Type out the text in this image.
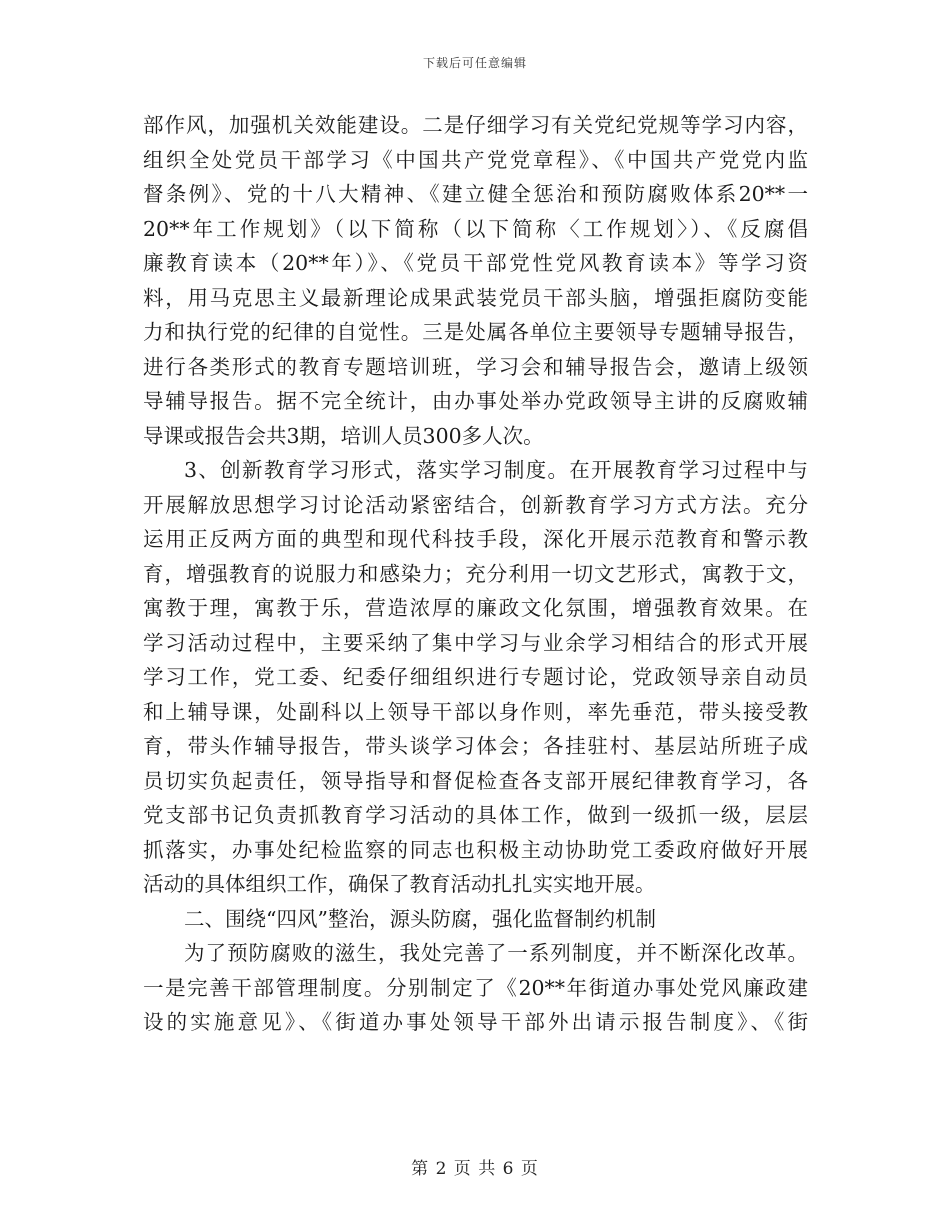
下载后可任意编辑
部作风，加强机关效能建设。二是仔细学习有关党纪党规等学习内容，
组织全处党员干部学习《中国共产党党章程》、《中国共产党党内监
督条例》、党的十八大精神、《建立健全惩治和预防腐败体系20**一
20**年工作规划》（以下简称（以下简称〈工作规划〉）、《反腐倡
廉教育读本（20**年）》、《党员干部党性党风教育读本》等学习资
料，用马克思主义最新理论成果武装党员干部头脑，增强拒腐防变能
力和执行党的纪律的自觉性。三是处属各单位主要领导专题辅导报告，
进行各类形式的教育专题培训班，学习会和辅导报告会，邀请上级领
导辅导报告。据不完全统计，由办事处举办党政领导主讲的反腐败辅
导课或报告会共3期，培训人员300多人次。
3、创新教育学习形式，落实学习制度。在开展教育学习过程中与
开展解放思想学习讨论活动紧密结合，创新教育学习方式方法。充分
运用正反两方面的典型和现代科技手段，深化开展示范教育和警示教
育，增强教育的说服力和感染力；充分利用一切文艺形式，寓教于文，
寓教于理，寓教于乐，营造浓厚的廉政文化氛围，增强教育效果。在
学习活动过程中，主要采纳了集中学习与业余学习相结合的形式开展
学习工作，党工委、纪委仔细组织进行专题讨论，党政领导亲自动员
和上辅导课，处副科以上领导干部以身作则，率先垂范，带头接受教
育，带头作辅导报告，带头谈学习体会；各挂驻村、基层站所班子成
员切实负起责任，领导指导和督促检查各支部开展纪律教育学习，各
党支部书记负责抓教育学习活动的具体工作，做到一级抓一级，层层
抓落实，办事处纪检监察的同志也积极主动协助党工委政府做好开展
活动的具体组织工作，确保了教育活动扎扎实实地开展。
二、围绕“四风”整治，源头防腐，强化监督制约机制
为了预防腐败的滋生，我处完善了一系列制度，并不断深化改革。
一是完善干部管理制度。分别制定了《20**年街道办事处党风廉政建
设的实施意见》、《街道办事处领导干部外出请示报告制度》、《街
第 2 页 共 6 页
